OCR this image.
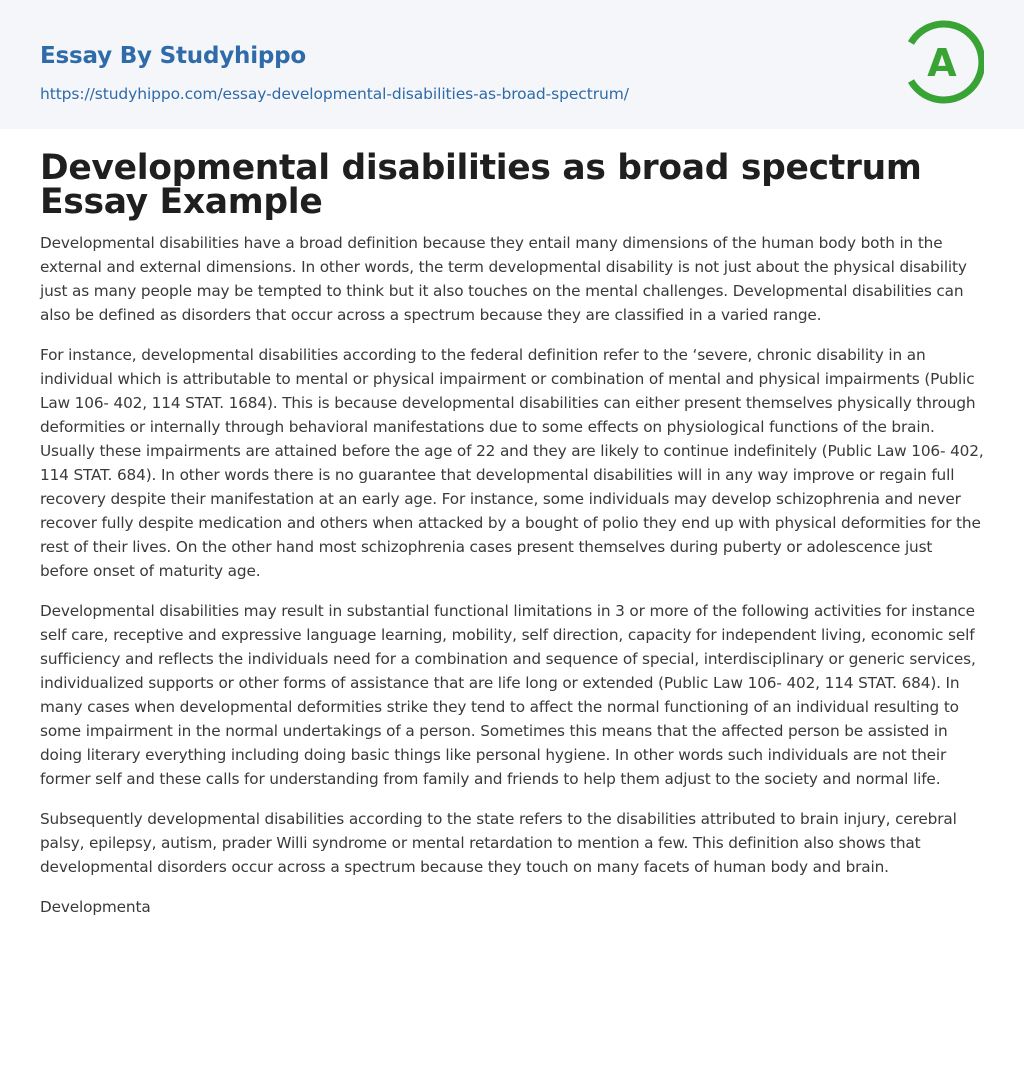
Essay By Studyhippo
https://studyhippo.com/essay-developmental-disabilities-as-broad-spectrum/
A
Developmental disabilities as broad spectrum Essay Example

Developmental disabilities have a broad definition because they entail many dimensions of the human body both in the external and external dimensions. In other words, the term developmental disability is not just about the physical disability just as many people may be tempted to think but it also touches on the mental challenges. Developmental disabilities can also be defined as disorders that occur across a spectrum because they are classified in a varied range.

For instance, developmental disabilities according to the federal definition refer to the ‘severe, chronic disability in an individual which is attributable to mental or physical impairment or combination of mental and physical impairments (Public Law 106- 402, 114 STAT. 1684). This is because developmental disabilities can either present themselves physically through deformities or internally through behavioral manifestations due to some effects on physiological functions of the brain. Usually these impairments are attained before the age of 22 and they are likely to continue indefinitely (Public Law 106- 402, 114 STAT. 684). In other words there is no guarantee that developmental disabilities will in any way improve or regain full recovery despite their manifestation at an early age. For instance, some individuals may develop schizophrenia and never recover fully despite medication and others when attacked by a bought of polio they end up with physical deformities for the rest of their lives. On the other hand most schizophrenia cases present themselves during puberty or adolescence just before onset of maturity age.

Developmental disabilities may result in substantial functional limitations in 3 or more of the following activities for instance self care, receptive and expressive language learning, mobility, self direction, capacity for independent living, economic self sufficiency and reflects the individuals need for a combination and sequence of special, interdisciplinary or generic services, individualized supports or other forms of assistance that are life long or extended (Public Law 106- 402, 114 STAT. 684). In many cases when developmental deformities strike they tend to affect the normal functioning of an individual resulting to some impairment in the normal undertakings of a person. Sometimes this means that the affected person be assisted in doing literary everything including doing basic things like personal hygiene. In other words such individuals are not their former self and these calls for understanding from family and friends to help them adjust to the society and normal life.

Subsequently developmental disabilities according to the state refers to the disabilities attributed to brain injury, cerebral palsy, epilepsy, autism, prader Willi syndrome or mental retardation to mention a few. This definition also shows that developmental disorders occur across a spectrum because they touch on many facets of human body and brain.

Developmenta
